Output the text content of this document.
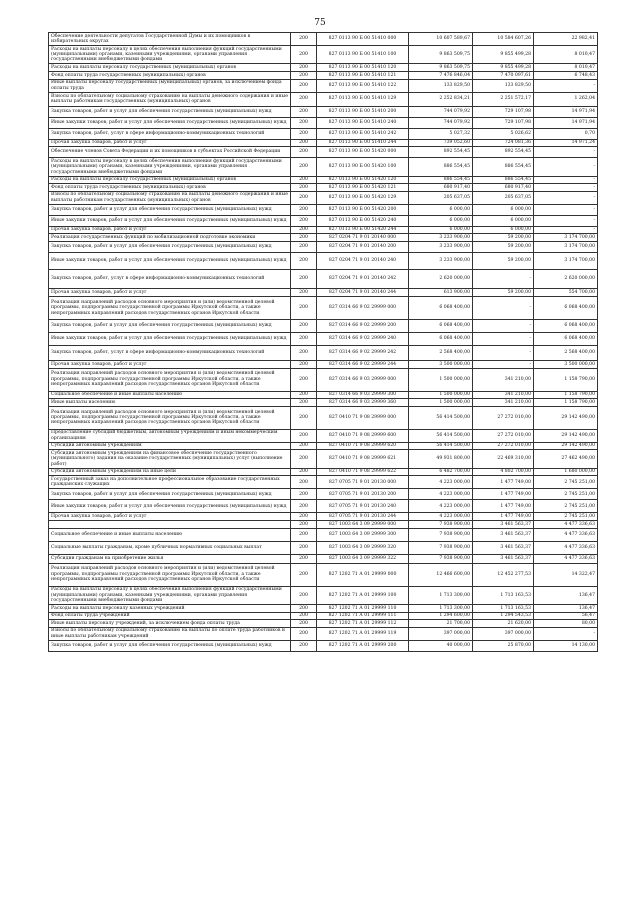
75
Обеспечение деятельности депутатов Государственной Думы и их помощников в избирательных округах	200	827 0113 90 Б 00 51410 000	10 607 589,67	10 584 607,26	22 982,41
Расходы на выплаты персоналу в целях обеспечения выполнения функций государственными (муниципальными) органами, казенными учреждениями, органами управления государственными внебюджетными фондами	200	827 0113 90 Б 00 51410 100	9 863 509,75	9 855 499,28	8 010,47
Расходы на выплаты персоналу государственных (муниципальных) органов	200	827 0113 90 Б 00 51410 120	9 863 509,75	9 855 499,28	8 010,47
Фонд оплаты труда государственных (муниципальных) органов	200	827 0113 90 Б 00 51410 121	7 476 846,04	7 470 097,61	6 748,43
Иные выплаты персоналу государственных (муниципальных) органов, за исключением фонда оплаты труда	200	827 0113 90 Б 00 51410 122	133 829,50	133 829,50	-
Взносы по обязательному социальному страхованию на выплаты денежного содержания и иные выплаты работникам государственных (муниципальных) органов	200	827 0113 90 Б 00 51410 129	2 252 834,21	2 251 572,17	1 262,04
Закупка товаров, работ и услуг для обеспечения государственных (муниципальных) нужд	200	827 0113 90 Б 00 51410 200	744 079,92	729 107,98	14 971,94
Иные закупки товаров, работ и услуг для обеспечения государственных (муниципальных) нужд	200	827 0113 90 Б 00 51410 240	744 079,92	729 107,98	14 971,94
Закупка товаров, работ, услуг в сфере информационно-коммуникационных технологий	200	827 0113 90 Б 00 51410 242	5 027,32	5 026,62	0,70
Прочая закупка товаров, работ и услуг	200	827 0113 90 Б 00 51410 244	739 052,60	724 081,36	14 971,24
Обеспечение членов Совета Федерации и их помощников в субъектах Российской Федерации	200	827 0113 90 Б 00 51420 000	892 554,45	892 554,45	-
Расходы на выплаты персоналу в целях обеспечения выполнения функций государственными (муниципальными) органами, казенными учреждениями, органами управления государственными внебюджетными фондами	200	827 0113 90 Б 00 51420 100	886 554,45	886 554,45	-
Расходы на выплаты персоналу государственных (муниципальных) органов	200	827 0113 90 Б 00 51420 120	886 554,45	886 554,45	-
Фонд оплаты труда государственных (муниципальных) органов	200	827 0113 90 Б 00 51420 121	680 917,40	680 917,40	-
Взносы по обязательному социальному страхованию на выплаты денежного содержания и иные выплаты работникам государственных (муниципальных) органов	200	827 0113 90 Б 00 51420 129	205 637,05	205 637,05	-
Закупка товаров, работ и услуг для обеспечения государственных (муниципальных) нужд	200	827 0113 90 Б 00 51420 200	6 000,00	6 000,00	-
Иные закупки товаров, работ и услуг для обеспечения государственных (муниципальных) нужд	200	827 0113 90 Б 00 51420 240	6 000,00	6 000,00	-
Прочая закупка товаров, работ и услуг	200	827 0113 90 Б 00 51420 244	6 000,00	6 000,00	-
Реализация государственных функций по мобилизационной подготовке экономики	200	827 0204 71 9 01 20140 000	3 233 900,00	59 200,00	3 174 700,00
Закупка товаров, работ и услуг для обеспечения государственных (муниципальных) нужд	200	827 0204 71 9 01 20140 200	3 233 900,00	59 200,00	3 174 700,00
Иные закупки товаров, работ и услуг для обеспечения государственных (муниципальных) нужд	200	827 0204 71 9 01 20140 240	3 233 900,00	59 200,00	3 174 700,00
Закупка товаров, работ, услуг в сфере информационно-коммуникационных технологий	200	827 0204 71 9 01 20140 242	2 620 000,00	-	2 620 000,00
Прочая закупка товаров, работ и услуг	200	827 0204 71 9 01 20140 244	613 900,00	59 200,00	554 700,00
Реализация направлений расходов основного мероприятия и (или) ведомственной целевой программы, подпрограммы государственной программы Иркутской области, а также непрограммных направлений расходов государственных органов Иркутской области	200	827 0314 66 9 02 29999 000	6 068 400,00	-	6 068 400,00
Закупка товаров, работ и услуг для обеспечения государственных (муниципальных) нужд	200	827 0314 66 9 02 29999 200	6 068 400,00	-	6 068 400,00
Иные закупки товаров, работ и услуг для обеспечения государственных (муниципальных) нужд	200	827 0314 66 9 02 29999 240	6 068 400,00	-	6 068 400,00
Закупка товаров, работ, услуг в сфере информационно-коммуникационных технологий	200	827 0314 66 9 02 29999 242	2 568 400,00	-	2 568 400,00
Прочая закупка товаров, работ и услуг	200	827 0314 66 9 02 29999 244	3 500 000,00	-	3 500 000,00
Реализация направлений расходов основного мероприятия и (или) ведомственной целевой программы, подпрограммы государственной программы Иркутской области, а также непрограммных направлений расходов государственных органов Иркутской области	200	827 0314 66 9 03 29999 000	1 500 000,00	341 210,00	1 158 790,00
Социальное обеспечение и иные выплаты населению	200	827 0314 66 9 03 29999 300	1 500 000,00	341 210,00	1 158 790,00
Иные выплаты населению	200	827 0314 66 9 03 29999 360	1 500 000,00	341 210,00	1 158 790,00
Реализация направлений расходов основного мероприятия и (или) ведомственной целевой программы, подпрограммы государственной программы Иркутской области, а также непрограммных направлений расходов государственных органов Иркутской области	200	827 0410 71 9 08 29999 000	56 414 500,00	27 272 010,00	29 142 490,00
Предоставление субсидий бюджетным, автономным учреждениям и иным некоммерческим организациям	200	827 0410 71 9 08 29999 600	56 414 500,00	27 272 010,00	29 142 490,00
Субсидии автономным учреждениям	200	827 0410 71 9 08 29999 620	56 414 500,00	27 272 010,00	29 142 490,00
Субсидии автономным учреждениям на финансовое обеспечение государственного (муниципального) задания на оказание государственных (муниципальных) услуг (выполнение работ)	200	827 0410 71 9 08 29999 621	49 931 800,00	22 469 310,00	27 462 490,00
Субсидии автономным учреждениям на иные цели	200	827 0410 71 9 08 29999 622	6 482 700,00	4 802 700,00	1 680 000,00
Государственный заказ на дополнительное профессиональное образование государственных гражданских служащих	200	827 0705 71 9 01 20130 000	4 223 000,00	1 477 749,00	2 745 251,00
Закупка товаров, работ и услуг для обеспечения государственных (муниципальных) нужд	200	827 0705 71 9 01 20130 200	4 223 000,00	1 477 749,00	2 745 251,00
Иные закупки товаров, работ и услуг для обеспечения государственных (муниципальных) нужд	200	827 0705 71 9 01 20130 240	4 223 000,00	1 477 749,00	2 745 251,00
Прочая закупка товаров, работ и услуг	200	827 0705 71 9 01 20130 244	4 223 000,00	1 477 749,00	2 745 251,00
	200	827 1003 64 3 09 29999 000	7 938 900,00	3 461 563,37	4 477 336,63
Социальное обеспечение и иные выплаты населению	200	827 1003 64 3 09 29999 300	7 938 900,00	3 461 563,37	4 477 336,63
Социальные выплаты гражданам, кроме публичных нормативных социальных выплат	200	827 1003 64 3 09 29999 320	7 938 900,00	3 461 563,37	4 477 336,63
Субсидии гражданам на приобретение жилья	200	827 1003 64 3 09 29999 322	7 938 900,00	3 461 563,37	4 477 336,63
Реализация направлений расходов основного мероприятия и (или) ведомственной целевой программы, подпрограммы государственной программы Иркутской области, а также непрограммных направлений расходов государственных органов Иркутской области	200	827 1202 71 А 01 29999 000	12 466 600,00	12 452 277,53	14 322,47
Расходы на выплаты персоналу в целях обеспечения выполнения функций государственными (муниципальными) органами, казенными учреждениями, органами управления государственными внебюджетными фондами	200	827 1202 71 А 01 29999 100	1 713 300,00	1 713 163,53	136,47
Расходы на выплаты персоналу казенных учреждений	200	827 1202 71 А 01 29999 110	1 713 300,00	1 713 163,53	136,47
Фонд оплаты труда учреждений	200	827 1202 71 А 01 29999 111	1 294 600,00	1 294 543,53	56,47
Иные выплаты персоналу учреждений, за исключением фонда оплаты труда	200	827 1202 71 А 01 29999 112	21 700,00	21 620,00	80,00
Взносы по обязательному социальному страхованию на выплаты по оплате труда работников и иные выплаты работникам учреждений	200	827 1202 71 А 01 29999 119	397 000,00	397 000,00	-
Закупка товаров, работ и услуг для обеспечения государственных (муниципальных) нужд	200	827 1202 71 А 01 29999 200	40 000,00	25 870,00	14 130,00
